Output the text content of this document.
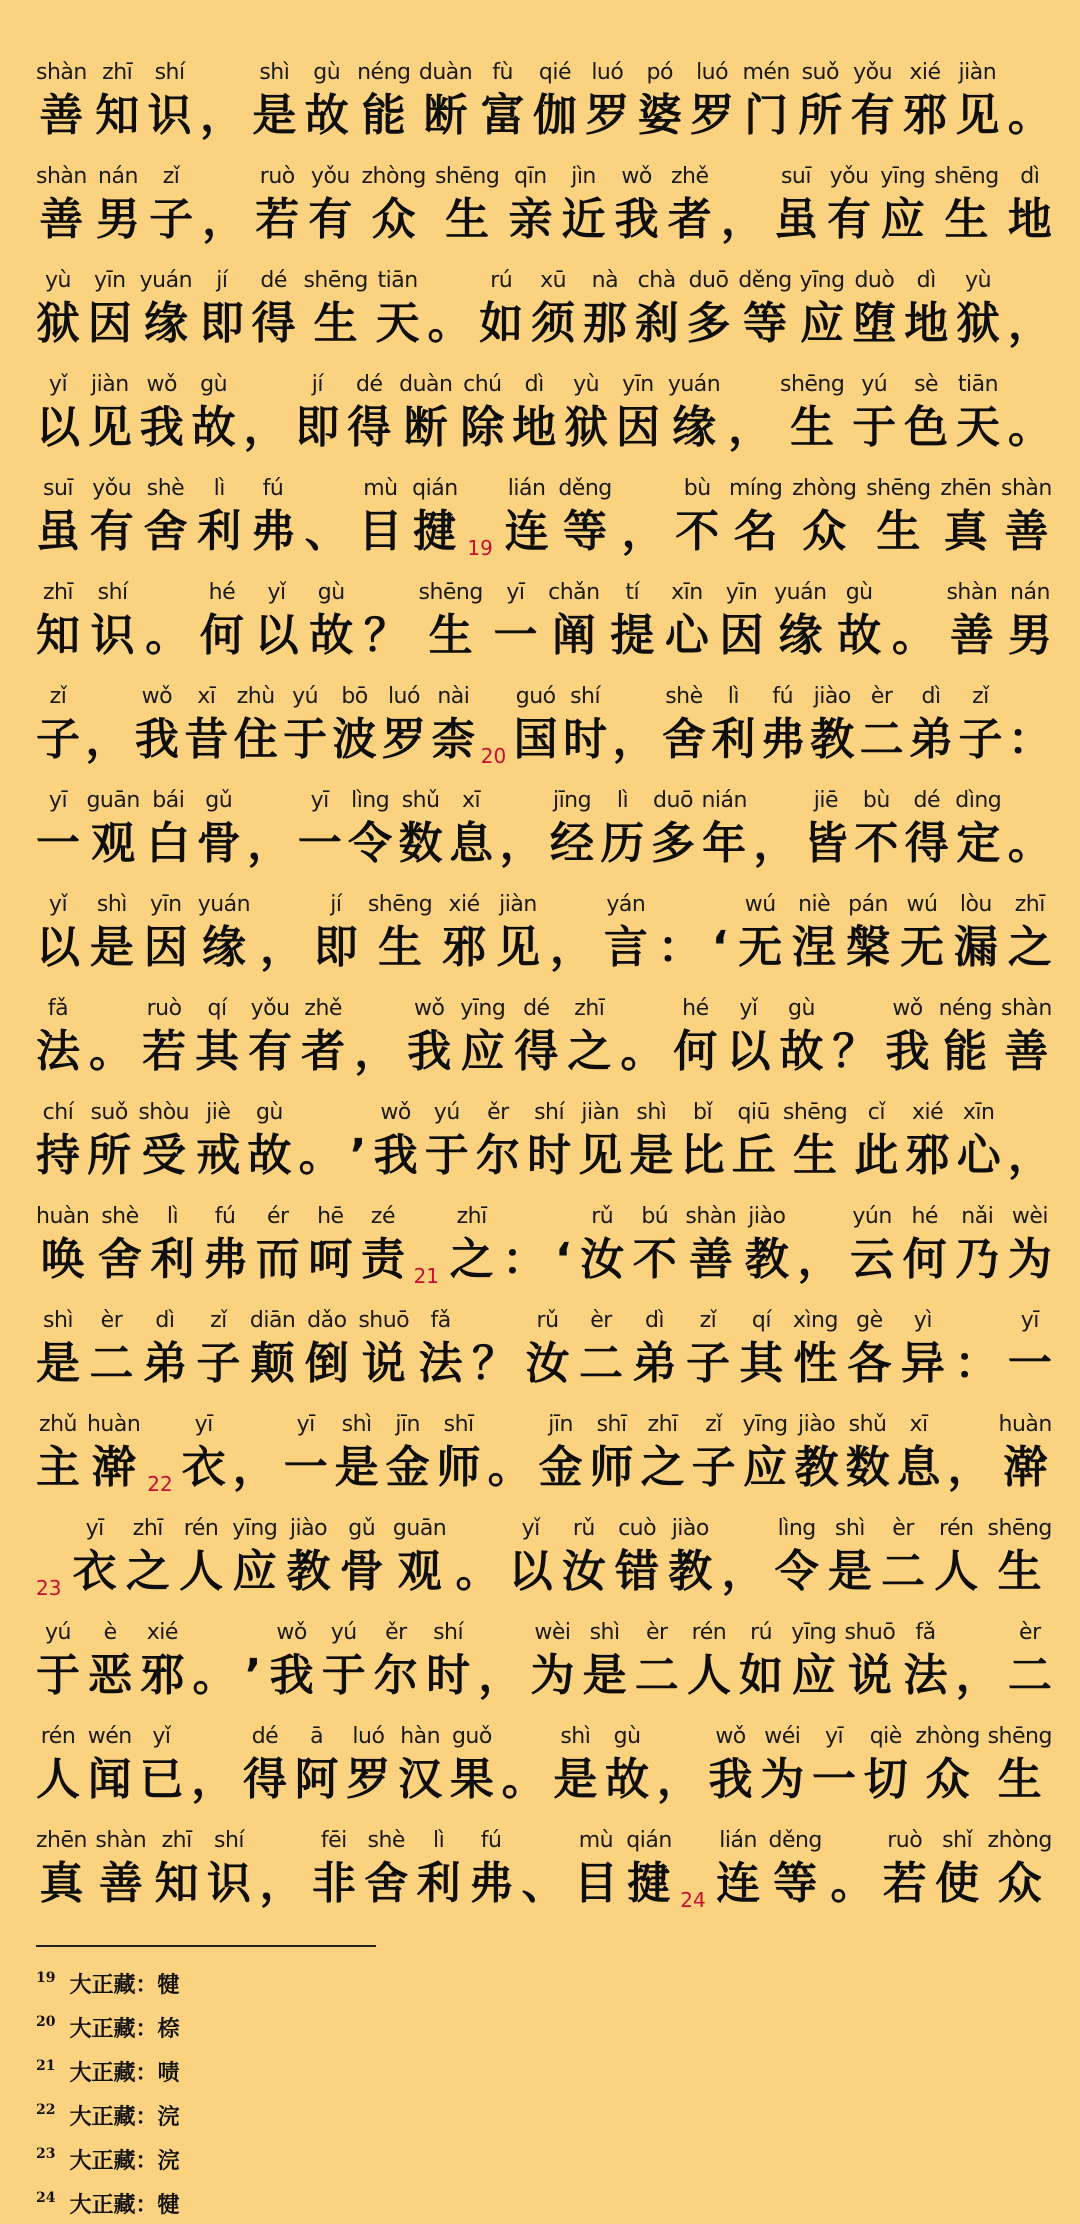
shàn
善
zhī
知
shí
识 ，
shì
是
gù
故
néng
能
duàn
断
fù
富
qié
伽
luó
罗
pó
婆
luó
罗
mén
门
suǒ
所
yǒu
有
xié
邪
jiàn
见 。
shàn
善
nán
男
zǐ
子 ，
ruò
若
yǒu
有
zhòng
众
shēng
生
qīn
亲
jìn
近
wǒ
我
zhě
者 ，
suī
虽
yǒu
有
yīng
应
shēng
生
dì
地
yù
狱
yīn
因
yuán
缘
jí
即
dé
得
shēng
生
tiān
天 。
rú
如
xū
须
nà
那
chà
刹
duō
多
děng
等
yīng
应
duò
堕
dì
地
yù
狱 ，
yǐ
以
jiàn
见
wǒ
我
gù
故 ，
jí
即
dé
得
duàn
断
chú
除
dì
地
yù
狱
yīn
因
yuán
缘 ，
shēng
生
yú
于
sè
色
tiān
天 。
suī
虽
yǒu
有
shè
舍
lì
利
fú
弗 、
mù
目
qián
揵 19
lián
连
děng
等 ，
bù
不
míng
名
zhòng
众
shēng
生
zhēn
真
shàn
善
zhī
知
shí
识 。
hé
何
yǐ
以
gù
故 ？
shēng
生
yī
一
chǎn
阐
tí
提
xīn
心
yīn
因
yuán
缘
gù
故 。
shàn
善
nán
男
zǐ
子 ，
wǒ
我
xī
昔
zhù
住
yú
于
bō
波
luó
罗
nài
柰 20
guó
国
shí
时 ，
shè
舍
lì
利
fú
弗
jiào
教
èr
二
dì
弟
zǐ
子 ：
yī
一
guān
观
bái
白
gǔ
骨 ，
yī
一
lìng
令
shǔ
数
xī
息 ，
jīng
经
lì
历
duō
多
nián
年 ，
jiē
皆
bù
不
dé
得
dìng
定 。
yǐ
以
shì
是
yīn
因
yuán
缘 ，
jí
即
shēng
生
xié
邪
jiàn
见 ，
yán
言 ： ‘
wú
无
niè
涅
pán
槃
wú
无
lòu
漏
zhī
之
fǎ
法 。
ruò
若
qí
其
yǒu
有
zhě
者 ，
wǒ
我
yīng
应
dé
得
zhī
之 。
hé
何
yǐ
以
gù
故 ？
wǒ
我
néng
能
shàn
善
chí
持
suǒ
所
shòu
受
jiè
戒
gù
故 。 ’
wǒ
我
yú
于
ěr
尔
shí
时
jiàn
见
shì
是
bǐ
比
qiū
丘
shēng
生
cǐ
此
xié
邪
xīn
心 ，
huàn
唤
shè
舍
lì
利
fú
弗
ér
而
hē
呵
zé
责 21
zhī
之 ： ‘
rǔ
汝
bú
不
shàn
善
jiào
教 ，
yún
云
hé
何
nǎi
乃
wèi
为
shì
是
èr
二
dì
弟
zǐ
子
diān
颠
dǎo
倒
shuō
说
fǎ
法 ？
rǔ
汝
èr
二
dì
弟
zǐ
子
qí
其
xìng
性
gè
各
yì
异 ：
yī
一
zhǔ
主
huàn
澣 22
yī
衣 ，
yī
一
shì
是
jīn
金
shī
师 。
jīn
金
shī
师
zhī
之
zǐ
子
yīng
应
jiào
教
shǔ
数
xī
息 ，
huàn
澣
23
yī
衣
zhī
之
rén
人
yīng
应
jiào
教
gǔ
骨
guān
观 。
yǐ
以
rǔ
汝
cuò
错
jiào
教 ，
lìng
令
shì
是
èr
二
rén
人
shēng
生
yú
于
è
恶
xié
邪 。 ’
wǒ
我
yú
于
ěr
尔
shí
时 ，
wèi
为
shì
是
èr
二
rén
人
rú
如
yīng
应
shuō
说
fǎ
法 ，
èr
二
rén
人
wén
闻
yǐ
已 ，
dé
得
ā
阿
luó
罗
hàn
汉
guǒ
果 。
shì
是
gù
故 ，
wǒ
我
wéi
为
yī
一
qiè
切
zhòng
众
shēng
生
zhēn
真
shàn
善
zhī
知
shí
识 ，
fēi
非
shè
舍
lì
利
fú
弗 、
mù
目
qián
揵 24
lián
连
děng
等 。
ruò
若
shǐ
使
zhòng
众
$^{19}$ 大正藏：犍
$^{20}$ 大正藏：㮈
$^{21}$ 大正藏：啧
$^{22}$ 大正藏：浣
$^{23}$ 大正藏：浣
$^{24}$ 大正藏：犍
